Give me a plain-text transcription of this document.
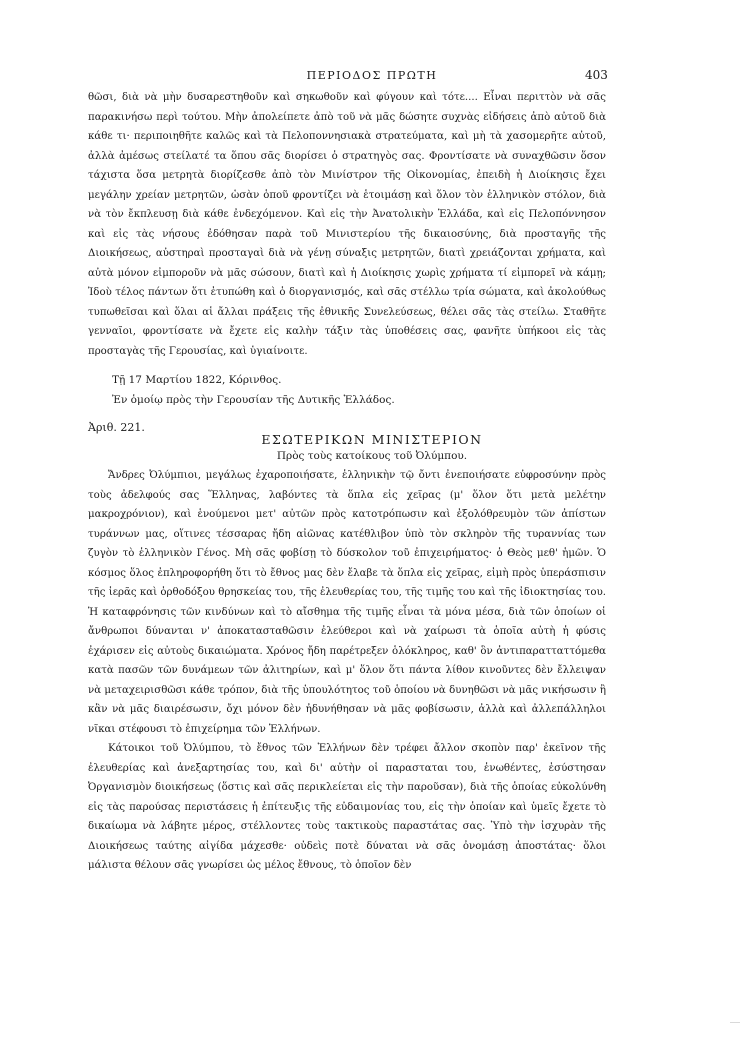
ΠΕΡΙΟΔΟΣ ΠΡΩΤΗ	403

θῶσι, διὰ νὰ μὴν δυσαρεστηθοῦν καὶ σηκωθοῦν καὶ φύγουν καὶ τότε.... Εἶναι περιττὸν νὰ σᾶς παρακινήσω περὶ τούτου. Μὴν ἀπολείπετε ἀπὸ τοῦ νὰ μᾶς δώσητε συχνὰς εἰδήσεις ἀπὸ αὐτοῦ διὰ κάθε τι· περιποιηθῆτε καλῶς καὶ τὰ Πελοποννησιακὰ στρατεύματα, καὶ μὴ τὰ χασομερῆτε αὐτοῦ, ἀλλὰ ἀμέσως στείλατέ τα ὅπου σᾶς διορίσει ὁ στρατηγὸς σας. Φροντίσατε νὰ συναχθῶσιν ὅσον τάχιστα ὅσα μετρητὰ διορίζεσθε ἀπὸ τὸν Μινίστρον τῆς Οἰκονομίας, ἐπειδὴ ἡ Διοίκησις ἔχει μεγάλην χρείαν μετρητῶν, ὡσὰν ὁποῦ φροντίζει νὰ ἑτοιμάσῃ καὶ ὅλον τὸν ἑλληνικὸν στόλον, διὰ νὰ τὸν ἔκπλευσῃ διὰ κάθε ἐνδεχόμενον. Καὶ εἰς τὴν Ἀνατολικὴν Ἑλλάδα, καὶ εἰς Πελοπόννησον καὶ εἰς τὰς νήσους ἐδόθησαν παρὰ τοῦ Μινιστερίου τῆς δικαιοσύνης, διὰ προσταγῆς τῆς Διοικήσεως, αὐστηραὶ προσταγαὶ διὰ νὰ γένῃ σύναξις μετρητῶν, διατὶ χρειάζονται χρήματα, καὶ αὐτὰ μόνον εἰμποροῦν νὰ μᾶς σώσουν, διατὶ καὶ ἡ Διοίκησις χωρὶς χρήματα τί εἰμπορεῖ νὰ κάμῃ; Ἰδοὺ τέλος πάντων ὅτι ἐτυπώθη καὶ ὁ διοργανισμός, καὶ σᾶς στέλλω τρία σώματα, καὶ ἀκολούθως τυπωθεῖσαι καὶ ὅλαι αἱ ἄλλαι πράξεις τῆς ἐθνικῆς Συνελεύσεως, θέλει σᾶς τὰς στείλω. Σταθῆτε γενναῖοι, φροντίσατε νὰ ἔχετε εἰς καλὴν τάξιν τὰς ὑποθέσεις σας, φανῆτε ὑπήκοοι εἰς τὰς προσταγὰς τῆς Γερουσίας, καὶ ὑγιαίνοιτε.

Τῇ 17 Μαρτίου 1822, Κόρινθος.
Ἐν ὁμοίῳ πρὸς τὴν Γερουσίαν τῆς Δυτικῆς Ἑλλάδος.
Ἀριθ. 221.
ΕΣΩΤΕΡΙΚΩΝ ΜΙΝΙΣΤΕΡΙΟΝ
Πρὸς τοὺς κατοίκους τοῦ Ὀλύμπου.

Ἄνδρες Ὀλύμπιοι, μεγάλως ἐχαροποιήσατε, ἑλληνικὴν τῷ ὄντι ἐνεποιήσατε εὐφροσύνην πρὸς τοὺς ἀδελφούς σας Ἕλληνας, λαβόντες τὰ ὅπλα εἰς χεῖρας (μ' ὅλον ὅτι μετὰ μελέτην μακροχρόνιον), καὶ ἑνούμενοι μετ' αὐτῶν πρὸς κατοτρόπωσιν καὶ ἐξολόθρευμὸν τῶν ἀπίστων τυράννων μας, οἵτινες τέσσαρας ἤδη αἰῶνας κατέθλιβον ὑπὸ τὸν σκληρὸν τῆς τυραννίας των ζυγὸν τὸ ἑλληνικὸν Γένος. Μὴ σᾶς φοβίσῃ τὸ δύσκολον τοῦ ἐπιχειρήματος· ὁ Θεὸς μεθ' ἡμῶν. Ὁ κόσμος ὅλος ἐπληροφορήθη ὅτι τὸ ἔθνος μας δὲν ἔλαβε τὰ ὅπλα εἰς χεῖρας, εἰμὴ πρὸς ὑπεράσπισιν τῆς ἱερᾶς καὶ ὀρθοδόξου θρησκείας του, τῆς ἐλευθερίας του, τῆς τιμῆς του καὶ τῆς ἰδιοκτησίας του. Ἡ καταφρόνησις τῶν κινδύνων καὶ τὸ αἴσθημα τῆς τιμῆς εἶναι τὰ μόνα μέσα, διὰ τῶν ὁποίων οἱ ἄνθρωποι δύνανται ν' ἀποκατασταθῶσιν ἐλεύθεροι καὶ νὰ χαίρωσι τὰ ὁποῖα αὐτὴ ἡ φύσις ἐχάρισεν εἰς αὐτοὺς δικαιώματα. Χρόνος ἤδη παρέτρεξεν ὁλόκληρος, καθ' ὃν ἀντιπαρατταττόμεθα κατὰ πασῶν τῶν δυνάμεων τῶν ἀλιτηρίων, καὶ μ' ὅλον ὅτι πάντα λίθον κινοῦντες δὲν ἔλλειψαν νὰ μεταχειρισθῶσι κάθε τρόπον, διὰ τῆς ὑπουλότητος τοῦ ὁποίου νὰ δυνηθῶσι νὰ μᾶς νικήσωσιν ἢ κἂν νὰ μᾶς διαιρέσωσιν, ὄχι μόνον δὲν ἠδυνήθησαν νὰ μᾶς φοβίσωσιν, ἀλλὰ καὶ ἀλλεπάλληλοι νῖκαι στέφουσι τὸ ἐπιχείρημα τῶν Ἑλλήνων.

Κάτοικοι τοῦ Ὀλύμπου, τὸ ἔθνος τῶν Ἑλλήνων δὲν τρέφει ἄλλον σκοπὸν παρ' ἐκεῖνον τῆς ἐλευθερίας καὶ ἀνεξαρτησίας του, καὶ δι' αὐτὴν οἱ παρασταται του, ἑνωθέντες, ἐσύστησαν Ὀργανισμὸν διοικήσεως (ὅστις καὶ σᾶς περικλείεται εἰς τὴν παροῦσαν), διὰ τῆς ὁποίας εὐκολύνθη εἰς τὰς παρούσας περιστάσεις ἡ ἐπίτευξις τῆς εὐδαιμονίας του, εἰς τὴν ὁποίαν καὶ ὑμεῖς ἔχετε τὸ δικαίωμα νὰ λάβητε μέρος, στέλλοντες τοὺς τακτικοὺς παραστάτας σας. Ὑπὸ τὴν ἰσχυρὰν τῆς Διοικήσεως ταύτης αἰγίδα μάχεσθε· οὐδεὶς ποτὲ δύναται νὰ σᾶς ὀνομάσῃ ἀποστάτας· ὅλοι μάλιστα θέλουν σᾶς γνωρίσει ὡς μέλος ἔθνους, τὸ ὁποῖον δὲν
